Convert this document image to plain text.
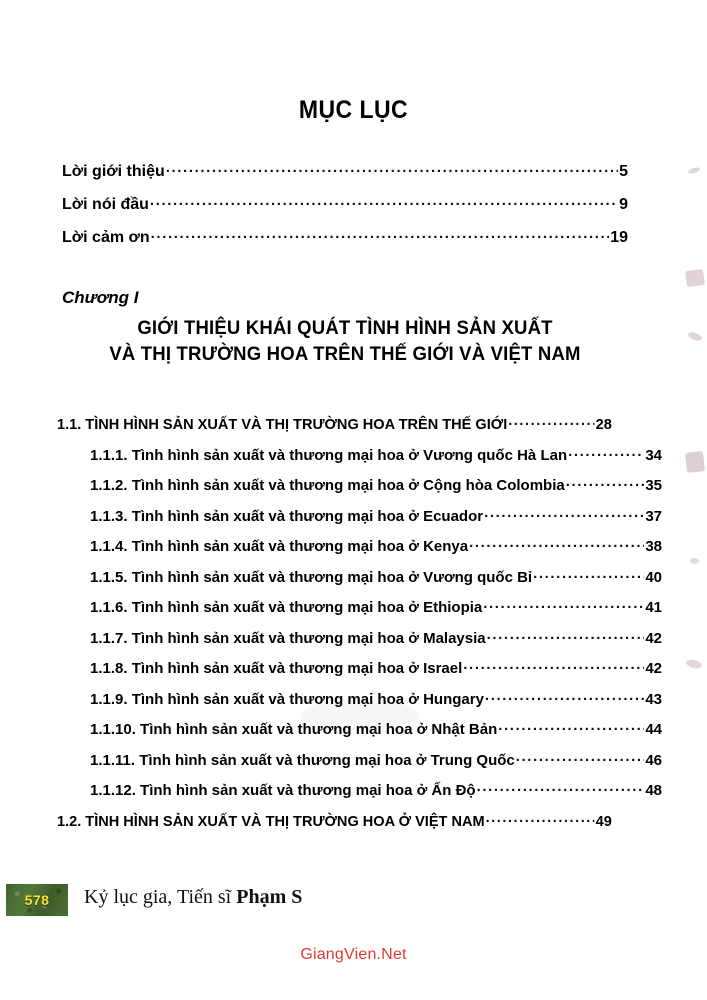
MỤC LỤC
Lời giới thiệu .....	5
Lời nói đầu .....	9
Lời cảm ơn .....	19
Chương I
GIỚI THIỆU KHÁI QUÁT TÌNH HÌNH SẢN XUẤT
VÀ THỊ TRƯỜNG HOA TRÊN THẾ GIỚI VÀ VIỆT NAM
1.1. TÌNH HÌNH SẢN XUẤT VÀ THỊ TRƯỜNG HOA TRÊN THẾ GIỚI .....	28
1.1.1. Tình hình sản xuất và thương mại hoa ở Vương quốc Hà Lan .....	34
1.1.2. Tình hình sản xuất và thương mại hoa ở Cộng hòa Colombia .....	35
1.1.3. Tình hình sản xuất và thương mại hoa ở Ecuador .....	37
1.1.4. Tình hình sản xuất và thương mại hoa ở Kenya .....	38
1.1.5. Tình hình sản xuất và thương mại hoa ở Vương quốc Bỉ .....	40
1.1.6. Tình hình sản xuất và thương mại hoa ở Ethiopia .....	41
1.1.7. Tình hình sản xuất và thương mại hoa ở Malaysia .....	42
1.1.8. Tình hình sản xuất và thương mại hoa ở Israel .....	42
1.1.9. Tình hình sản xuất và thương mại hoa ở Hungary .....	43
1.1.10. Tình hình sản xuất và thương mại hoa ở Nhật Bản .....	44
1.1.11. Tình hình sản xuất và thương mại hoa ở Trung Quốc .....	46
1.1.12. Tình hình sản xuất và thương mại hoa ở Ấn Độ .....	48
1.2. TÌNH HÌNH SẢN XUẤT VÀ THỊ TRƯỜNG HOA Ở VIỆT NAM .....	49
578 Kỷ lục gia, Tiến sĩ Phạm S
GiangVien.Net
